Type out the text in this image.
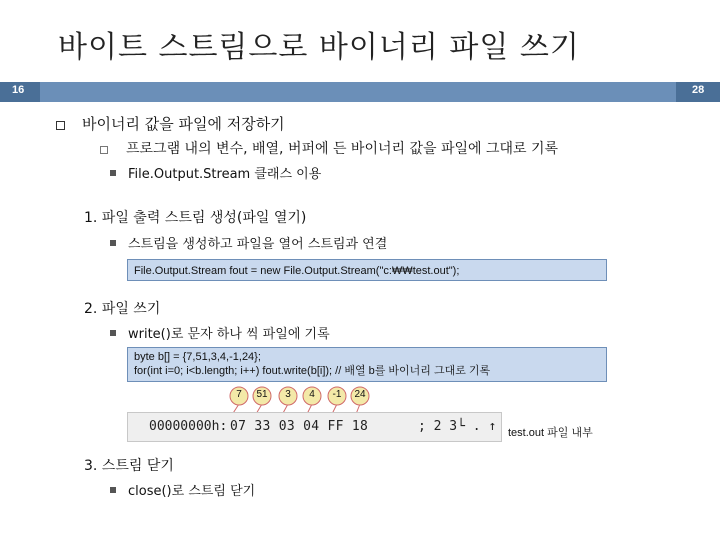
바이트 스트림으로 바이너리 파일 쓰기
16	28
바이너리 값을 파일에 저장하기
프로그램 내의 변수, 배열, 버퍼에 든 바이너리 값을 파일에 그대로 기록
File.Output.Stream 클래스 이용
1. 파일 출력 스트림 생성(파일 열기)
스트림을 생성하고 파일을 열어 스트림과 연결
File.Output.Stream fout = new File.Output.Stream("c:₩₩test.out");
2. 파일 쓰기
write()로 문자 하나 씩 파일에 기록
byte b[] = {7,51,3,4,-1,24};
for(int i=0; i<b.length; i++) fout.write(b[i]); // 배열 b를 바이너리 그대로 기록
7	51	3	4	-1	24
00000000h: 07 33 03 04 FF 18	; 2 3└ . ↑ test.out 파일 내부
3. 스트림 닫기
close()로 스트림 닫기
